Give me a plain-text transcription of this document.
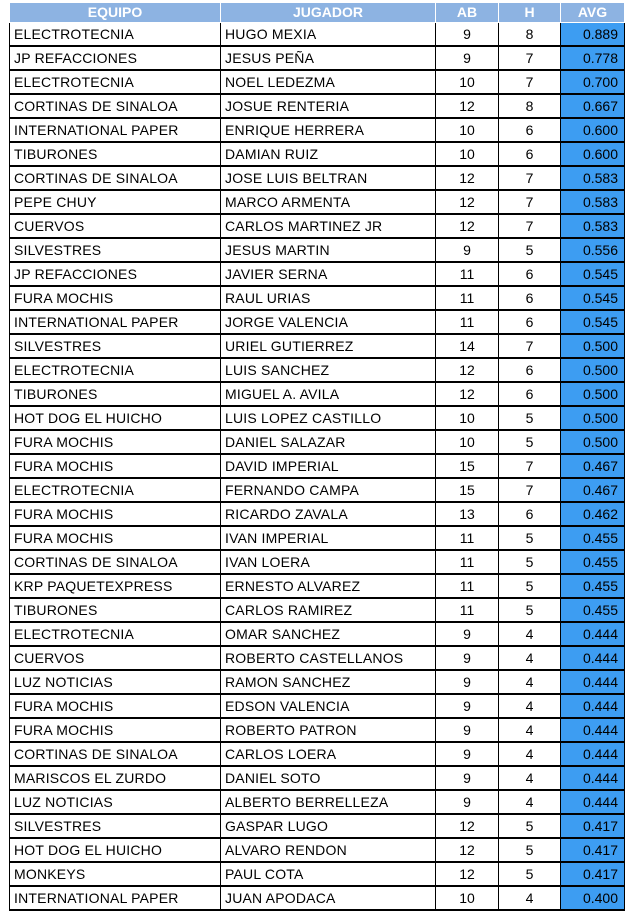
EQUIPO	JUGADOR	AB	H	AVG
ELECTROTECNIA	HUGO MEXIA	9	8	0.889
JP REFACCIONES	JESUS PEÑA	9	7	0.778
ELECTROTECNIA	NOEL LEDEZMA	10	7	0.700
CORTINAS DE SINALOA	JOSUE RENTERIA	12	8	0.667
INTERNATIONAL PAPER	ENRIQUE HERRERA	10	6	0.600
TIBURONES	DAMIAN RUIZ	10	6	0.600
CORTINAS DE SINALOA	JOSE LUIS BELTRAN	12	7	0.583
PEPE CHUY	MARCO ARMENTA	12	7	0.583
CUERVOS	CARLOS MARTINEZ JR	12	7	0.583
SILVESTRES	JESUS MARTIN	9	5	0.556
JP REFACCIONES	JAVIER SERNA	11	6	0.545
FURA MOCHIS	RAUL URIAS	11	6	0.545
INTERNATIONAL PAPER	JORGE VALENCIA	11	6	0.545
SILVESTRES	URIEL GUTIERREZ	14	7	0.500
ELECTROTECNIA	LUIS SANCHEZ	12	6	0.500
TIBURONES	MIGUEL A. AVILA	12	6	0.500
HOT DOG EL HUICHO	LUIS LOPEZ CASTILLO	10	5	0.500
FURA MOCHIS	DANIEL SALAZAR	10	5	0.500
FURA MOCHIS	DAVID IMPERIAL	15	7	0.467
ELECTROTECNIA	FERNANDO CAMPA	15	7	0.467
FURA MOCHIS	RICARDO ZAVALA	13	6	0.462
FURA MOCHIS	IVAN IMPERIAL	11	5	0.455
CORTINAS DE SINALOA	IVAN LOERA	11	5	0.455
KRP PAQUETEXPRESS	ERNESTO ALVAREZ	11	5	0.455
TIBURONES	CARLOS RAMIREZ	11	5	0.455
ELECTROTECNIA	OMAR SANCHEZ	9	4	0.444
CUERVOS	ROBERTO CASTELLANOS	9	4	0.444
LUZ NOTICIAS	RAMON SANCHEZ	9	4	0.444
FURA MOCHIS	EDSON VALENCIA	9	4	0.444
FURA MOCHIS	ROBERTO PATRON	9	4	0.444
CORTINAS DE SINALOA	CARLOS LOERA	9	4	0.444
MARISCOS EL ZURDO	DANIEL SOTO	9	4	0.444
LUZ NOTICIAS	ALBERTO BERRELLEZA	9	4	0.444
SILVESTRES	GASPAR LUGO	12	5	0.417
HOT DOG EL HUICHO	ALVARO RENDON	12	5	0.417
MONKEYS	PAUL COTA	12	5	0.417
INTERNATIONAL PAPER	JUAN APODACA	10	4	0.400
